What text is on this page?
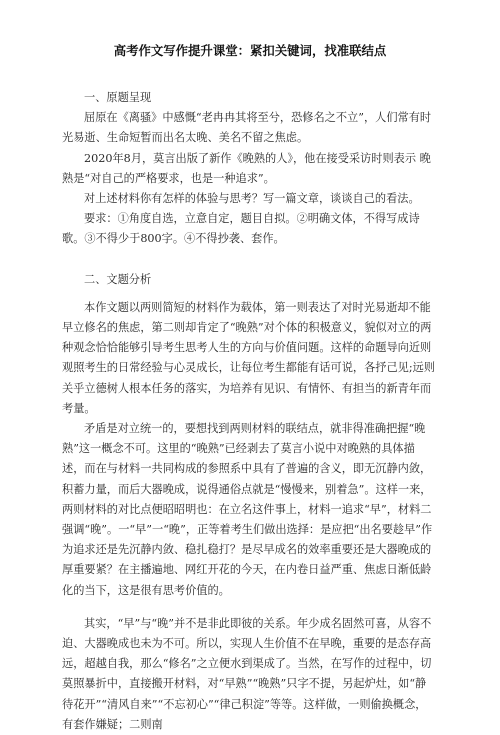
高考作文写作提升课堂：紧扣关键词，找准联结点

一、原题呈现

屈原在《离骚》中感慨“老冉冉其将至兮，恐修名之不立”，人们常有时光易逝、生命短暂而出名太晚、美名不留之焦虑。

2020年8月，莫言出版了新作《晚熟的人》，他在接受采访时则表示 晚熟是“对自己的严格要求，也是一种追求”。

对上述材料你有怎样的体验与思考？写一篇文章，谈谈自己的看法。

要求：①角度自选，立意自定，题目自拟。②明确文体，不得写成诗歌。③不得少于800字。④不得抄袭、套作。

二、文题分析

本作文题以两则简短的材料作为载体，第一则表达了对时光易逝却不能早立修名的焦虑，第二则却肯定了“晚熟”对个体的积极意义，貌似对立的两种观念恰恰能够引导考生思考人生的方向与价值问题。这样的命题导向近则观照考生的日常经验与心灵成长，让每位考生都能有话可说，各抒己见;远则关乎立德树人根本任务的落实，为培养有见识、有情怀、有担当的新青年而考量。

矛盾是对立统一的，要想找到两则材料的联结点，就非得准确把握“晚熟”这一概念不可。这里的“晚熟”已经剥去了莫言小说中对晚熟的具体描述，而在与材料一共同构成的参照系中具有了普遍的含义，即无沉静内敛，积蓄力量，而后大器晚成，说得通俗点就是“慢慢来，别着急”。这样一来，两则材料的对比点便昭昭明也：在立名这件事上，材料一追求“早”，材料二强调“晚”。一“早”一“晚”，正等着考生们做出选择：是应把“出名要趁早”作为追求还是先沉静内敛、稳扎稳打？是尽早成名的效率重要还是大器晚成的厚重要紧？在主播遍地、网红开花的今天，在内卷日益严重、焦虑日渐低龄化的当下，这是很有思考价值的。

其实，“早”与“晚”并不是非此即彼的关系。年少成名固然可喜，从容不迫、大器晚成也未为不可。所以，实现人生价值不在早晚，重要的是态存高远，超越自我，那么“修名”之立便水到渠成了。当然，在写作的过程中，切莫照暴折中，直接搬开材料，对“早熟”“晚熟”只字不提，另起炉灶，如“静待花开”“清风自来”“不忘初心”“律己积淀”等等。这样做，一则偷换概念，有套作嫌疑；二则南
